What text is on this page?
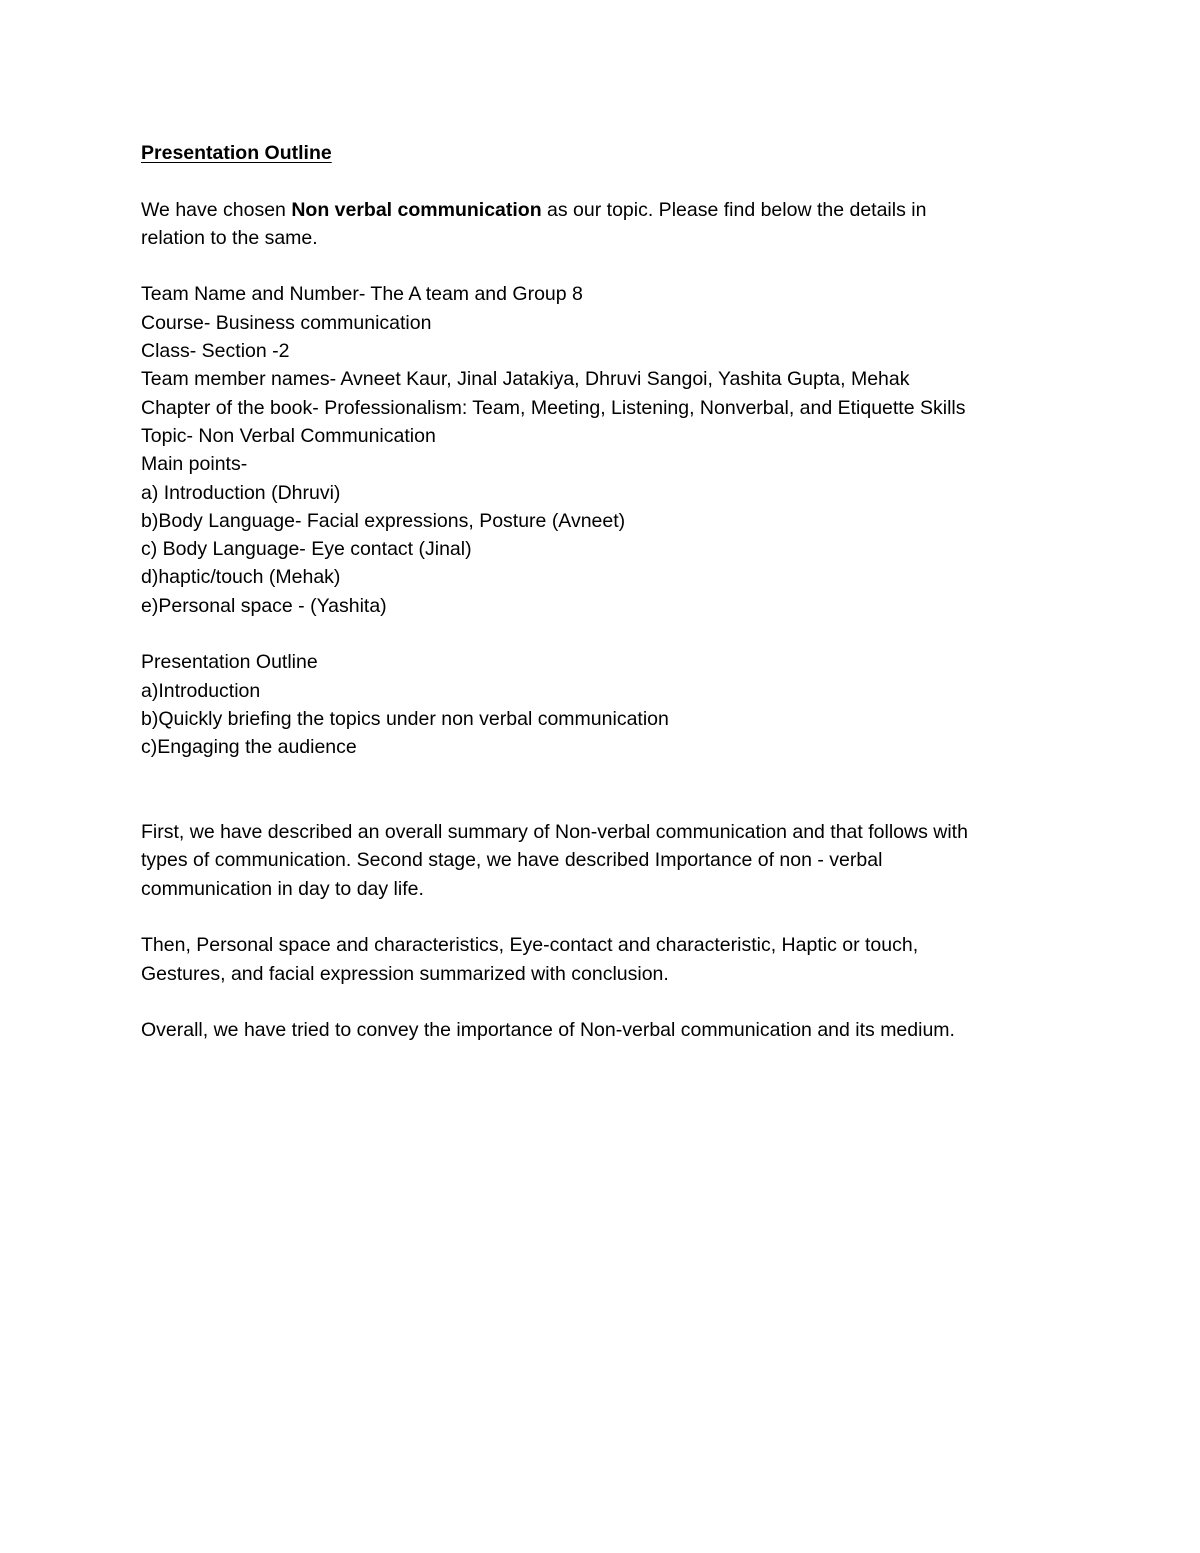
Presentation Outline
We have chosen Non verbal communication as our topic. Please find below the details in
relation to the same.
Team Name and Number- The A team and Group 8
Course- Business communication
Class- Section -2
Team member names- Avneet Kaur, Jinal Jatakiya, Dhruvi Sangoi, Yashita Gupta, Mehak
Chapter of the book- Professionalism: Team, Meeting, Listening, Nonverbal, and Etiquette Skills
Topic- Non Verbal Communication
Main points-
a) Introduction (Dhruvi)
b)Body Language- Facial expressions, Posture (Avneet)
c) Body Language- Eye contact (Jinal)
d)haptic/touch (Mehak)
e)Personal space - (Yashita)
Presentation Outline
a)Introduction
b)Quickly briefing the topics under non verbal communication
c)Engaging the audience
First, we have described an overall summary of Non-verbal communication and that follows with
types of communication. Second stage, we have described Importance of non - verbal
communication in day to day life.
Then, Personal space and characteristics, Eye-contact and characteristic, Haptic or touch,
Gestures, and facial expression summarized with conclusion.
Overall, we have tried to convey the importance of Non-verbal communication and its medium.
